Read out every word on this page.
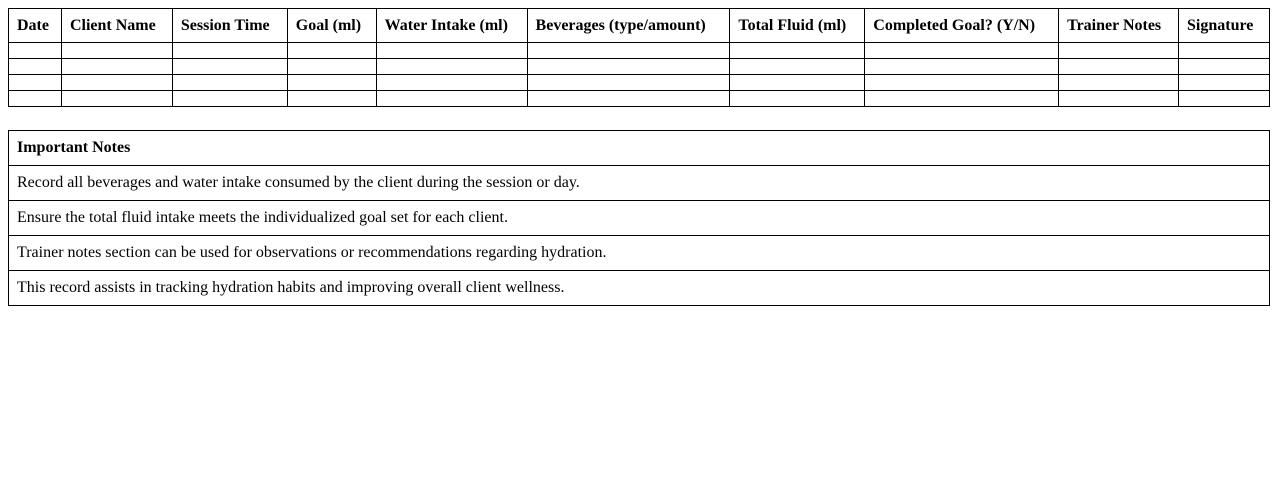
Date	Client Name	Session Time	Goal (ml)	Water Intake (ml)	Beverages (type/amount)	Total Fluid (ml)	Completed Goal? (Y/N)	Trainer Notes	Signature

Important Notes
Record all beverages and water intake consumed by the client during the session or day.
Ensure the total fluid intake meets the individualized goal set for each client.
Trainer notes section can be used for observations or recommendations regarding hydration.
This record assists in tracking hydration habits and improving overall client wellness.
